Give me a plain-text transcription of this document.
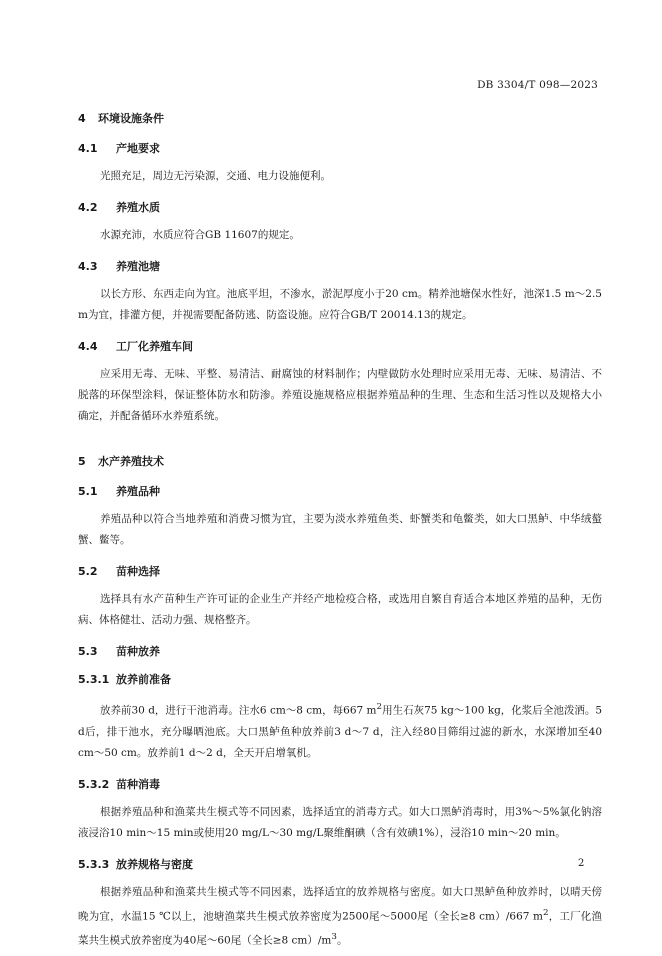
DB 3304/T 098—2023
4 环境设施条件
4.1 产地要求

光照充足，周边无污染源，交通、电力设施便利。

4.2 养殖水质

水源充沛，水质应符合GB 11607的规定。

4.3 养殖池塘

以长方形、东西走向为宜。池底平坦，不渗水，淤泥厚度小于20 cm。精养池塘保水性好，池深1.5 m～2.5 m为宜，排灌方便，并视需要配备防逃、防盗设施。应符合GB/T 20014.13的规定。

4.4 工厂化养殖车间

应采用无毒、无味、平整、易清洁、耐腐蚀的材料制作；内壁做防水处理时应采用无毒、无味、易清洁、不脱落的环保型涂料，保证整体防水和防渗。养殖设施规格应根据养殖品种的生理、生态和生活习性以及规格大小确定，并配备循环水养殖系统。

5 水产养殖技术
5.1 养殖品种

养殖品种以符合当地养殖和消费习惯为宜，主要为淡水养殖鱼类、虾蟹类和龟鳖类，如大口黑鲈、中华绒螯蟹、鳖等。

5.2 苗种选择

选择具有水产苗种生产许可证的企业生产并经产地检疫合格，或选用自繁自育适合本地区养殖的品种，无伤病、体格健壮、活动力强、规格整齐。

5.3 苗种放养
5.3.1 放养前准备

放养前30 d，进行干池消毒。注水6 cm～8 cm，每667 $m^2$用生石灰75 kg～100 kg，化浆后全池泼洒。5 d后，排干池水，充分曝晒池底。大口黑鲈鱼种放养前3 d～7 d，注入经80目筛绢过滤的新水，水深增加至40 cm～50 cm。放养前1 d～2 d，全天开启增氧机。

5.3.2 苗种消毒

根据养殖品种和渔菜共生模式等不同因素，选择适宜的消毒方式。如大口黑鲈消毒时，用3%～5%氯化钠溶液浸浴10 min～15 min或使用20 mg/L～30 mg/L聚维酮碘（含有效碘1%），浸浴10 min～20 min。

5.3.3 放养规格与密度

根据养殖品种和渔菜共生模式等不同因素，选择适宜的放养规格与密度。如大口黑鲈鱼种放养时，以晴天傍晚为宜，水温15 ℃以上，池塘渔菜共生模式放养密度为2500尾～5000尾（全长≥8 cm）/667 $m^2$，工厂化渔菜共生模式放养密度为40尾～60尾（全长≥8 $cm)/m^3$。

2
